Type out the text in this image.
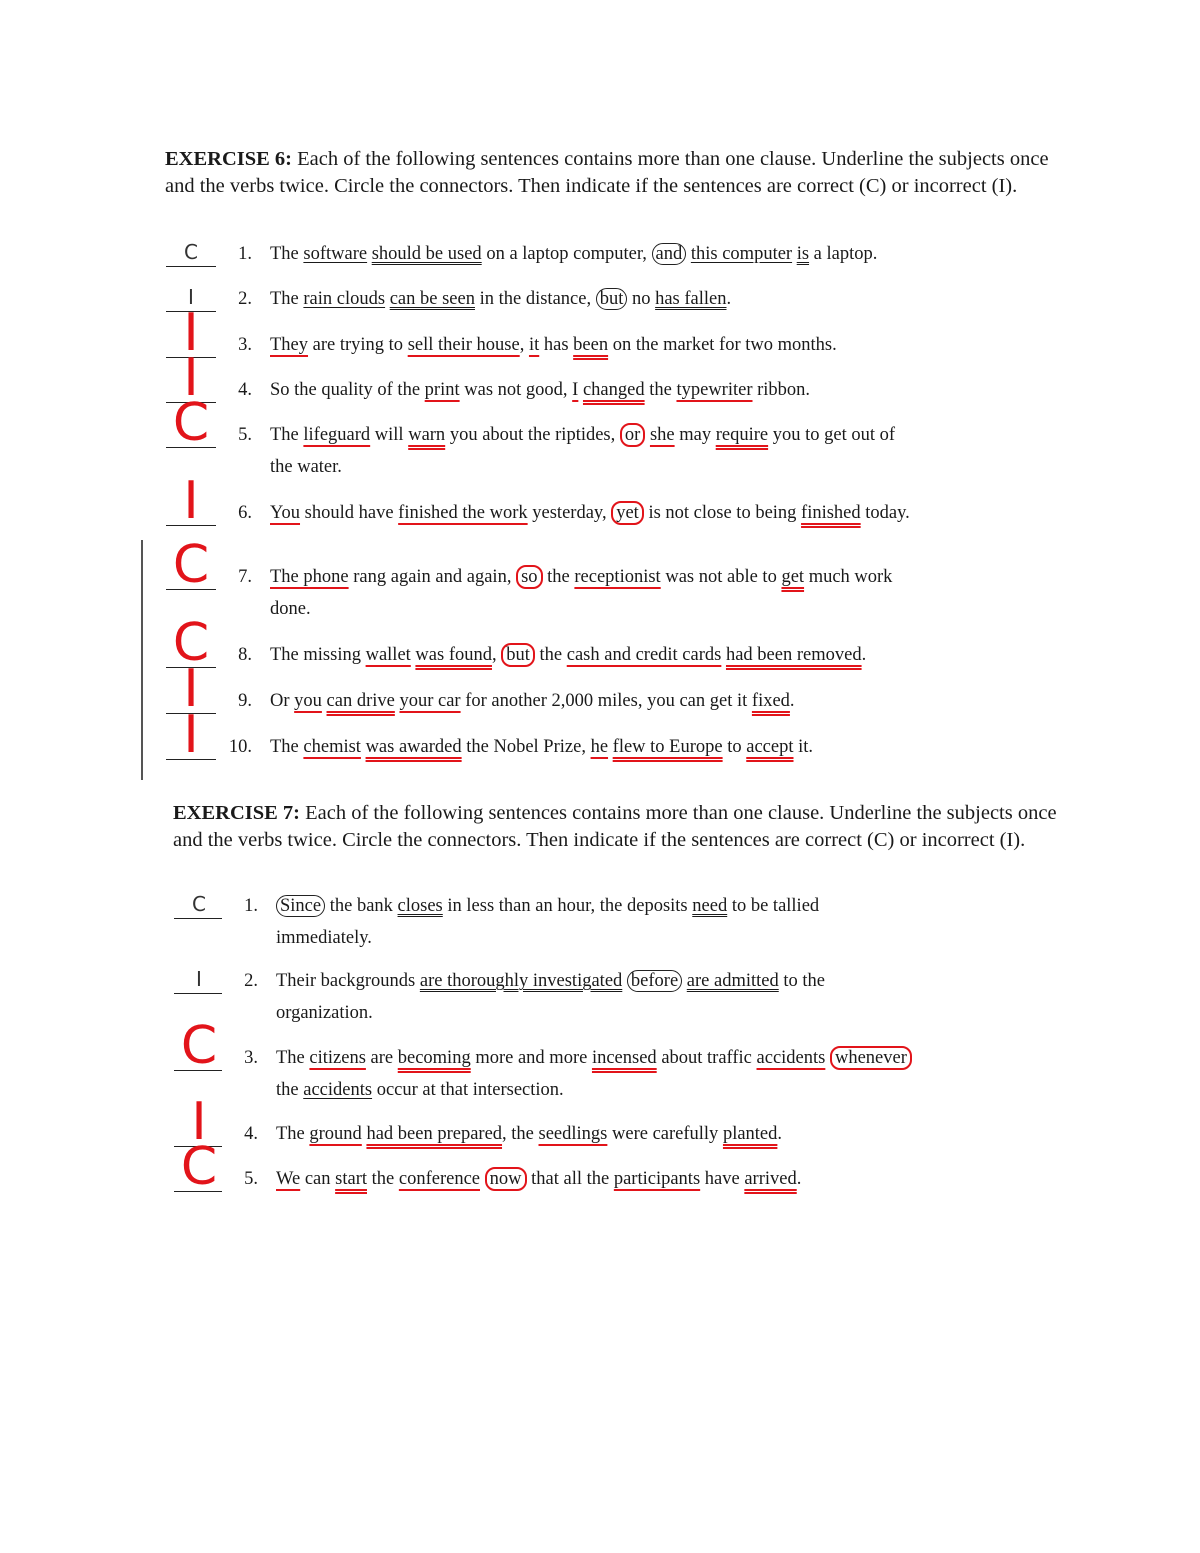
EXERCISE 6: Each of the following sentences contains more than one clause. Underline the subjects once and the verbs twice. Circle the connectors. Then indicate if the sentences are correct (C) or incorrect (I).

C	1. The software should be used on a laptop computer, and this computer is a laptop.
I	2. The rain clouds can be seen in the distance, but no has fallen.
I	3. They are trying to sell their house, it has been on the market for two months.
I	4. So the quality of the print was not good, I changed the typewriter ribbon.
C	5. The lifeguard will warn you about the riptides, or she may require you to get out of
the water.
I	6. You should have finished the work yesterday, yet is not close to being finished today.
C	7. The phone rang again and again, so the receptionist was not able to get much work
done.
C	8. The missing wallet was found, but the cash and credit cards had been removed.
I	9. Or you can drive your car for another 2,000 miles, you can get it fixed.
I	10. The chemist was awarded the Nobel Prize, he flew to Europe to accept it.

EXERCISE 7: Each of the following sentences contains more than one clause. Underline the subjects once and the verbs twice. Circle the connectors. Then indicate if the sentences are correct (C) or incorrect (I).

C	1. Since the bank closes in less than an hour, the deposits need to be tallied
immediately.
I	2. Their backgrounds are thoroughly investigated before are admitted to the
organization.
C	3. The citizens are becoming more and more incensed about traffic accidents whenever
the accidents occur at that intersection.
I	4. The ground had been prepared, the seedlings were carefully planted.
C	5. We can start the conference now that all the participants have arrived.
